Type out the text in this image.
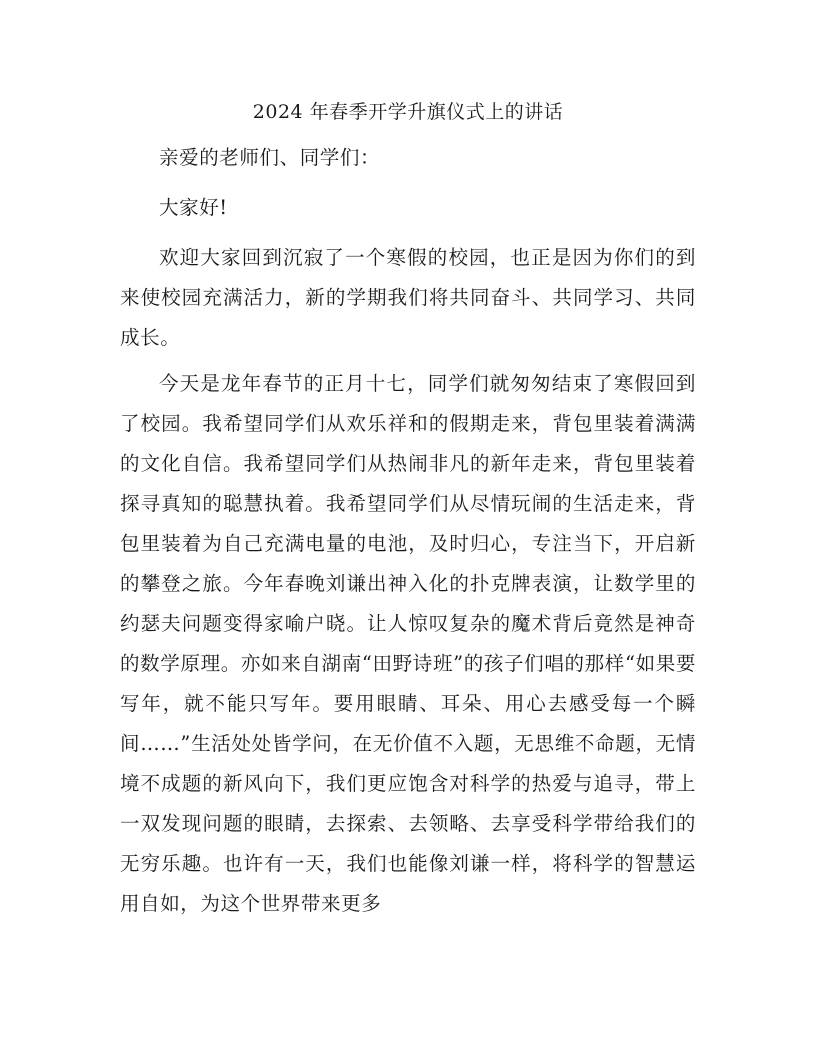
2024 年春季开学升旗仪式上的讲话

亲爱的老师们、同学们：

大家好!

欢迎大家回到沉寂了一个寒假的校园，也正是因为你们的到来使校园充满活力，新的学期我们将共同奋斗、共同学习、共同成长。

今天是龙年春节的正月十七，同学们就匆匆结束了寒假回到了校园。我希望同学们从欢乐祥和的假期走来，背包里装着满满的文化自信。我希望同学们从热闹非凡的新年走来，背包里装着探寻真知的聪慧执着。我希望同学们从尽情玩闹的生活走来，背包里装着为自己充满电量的电池，及时归心，专注当下，开启新的攀登之旅。今年春晚刘谦出神入化的扑克牌表演，让数学里的约瑟夫问题变得家喻户晓。让人惊叹复杂的魔术背后竟然是神奇的数学原理。亦如来自湖南“田野诗班”的孩子们唱的那样“如果要写年，就不能只写年。要用眼睛、耳朵、用心去感受每一个瞬间……”生活处处皆学问，在无价值不入题，无思维不命题，无情境不成题的新风向下，我们更应饱含对科学的热爱与追寻，带上一双发现问题的眼睛，去探索、去领略、去享受科学带给我们的无穷乐趣。也许有一天，我们也能像刘谦一样，将科学的智慧运用自如，为这个世界带来更多
